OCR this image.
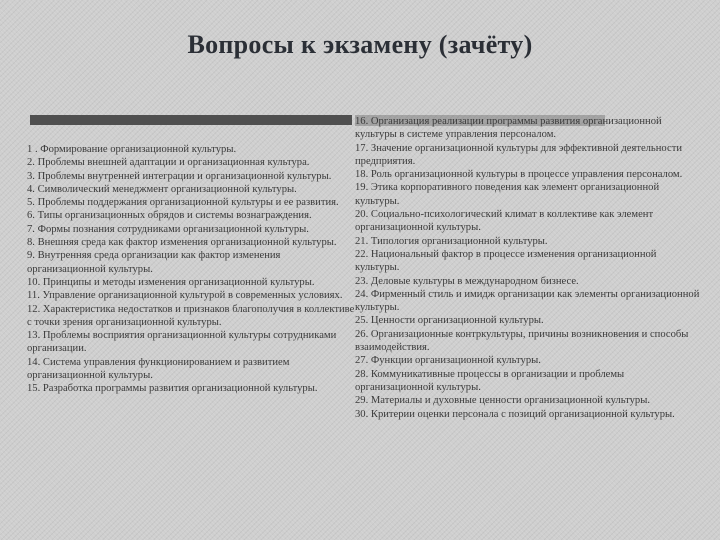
Вопросы к экзамену (зачёту)

1 . Формирование организационной культуры.

2. Проблемы внешней адаптации и организационная культура.

3. Проблемы внутренней интеграции и организационной культуры.

4. Символический менеджмент организационной культуры.

5. Проблемы поддержания организационной культуры и ее развития.

6. Типы организационных обрядов и системы вознаграждения.

7. Формы познания сотрудниками организационной культуры.

8. Внешняя среда как фактор изменения организационной культуры.

9. Внутренняя среда организации как фактор изменения организационной культуры.

10. Принципы и методы изменения организационной культуры.

11. Управление организационной культурой в современных условиях.

12. Характеристика недостатков и признаков благополучия в коллективе с точки зрения организационной культуры.

13. Проблемы восприятия организационной культуры сотрудниками организации.

14. Система управления функционированием и развитием организационной культуры.

15. Разработка программы развития организационной культуры.

16. Организация реализации программы развития организационной культуры в системе управления персоналом.

17. Значение организационной культуры для эффективной деятельности предприятия.

18. Роль организационной культуры в процессе управления персоналом.

19. Этика корпоративного поведения как элемент организационной культуры.

20. Социально-психологический климат в коллективе как элемент организационной культуры.

21. Типология организационной культуры.

22. Национальный фактор в процессе изменения организационной культуры.

23. Деловые культуры в международном бизнесе.

24. Фирменный стиль и имидж организации как элементы организационной культуры.

25. Ценности организационной культуры.

26. Организационные контркультуры, причины возникновения и способы взаимодействия.

27. Функции организационной культуры.

28. Коммуникативные процессы в организации и проблемы организационной культуры.

29. Материалы и духовные ценности организационной культуры.

30. Критерии оценки персонала с позиций организационной культуры.
